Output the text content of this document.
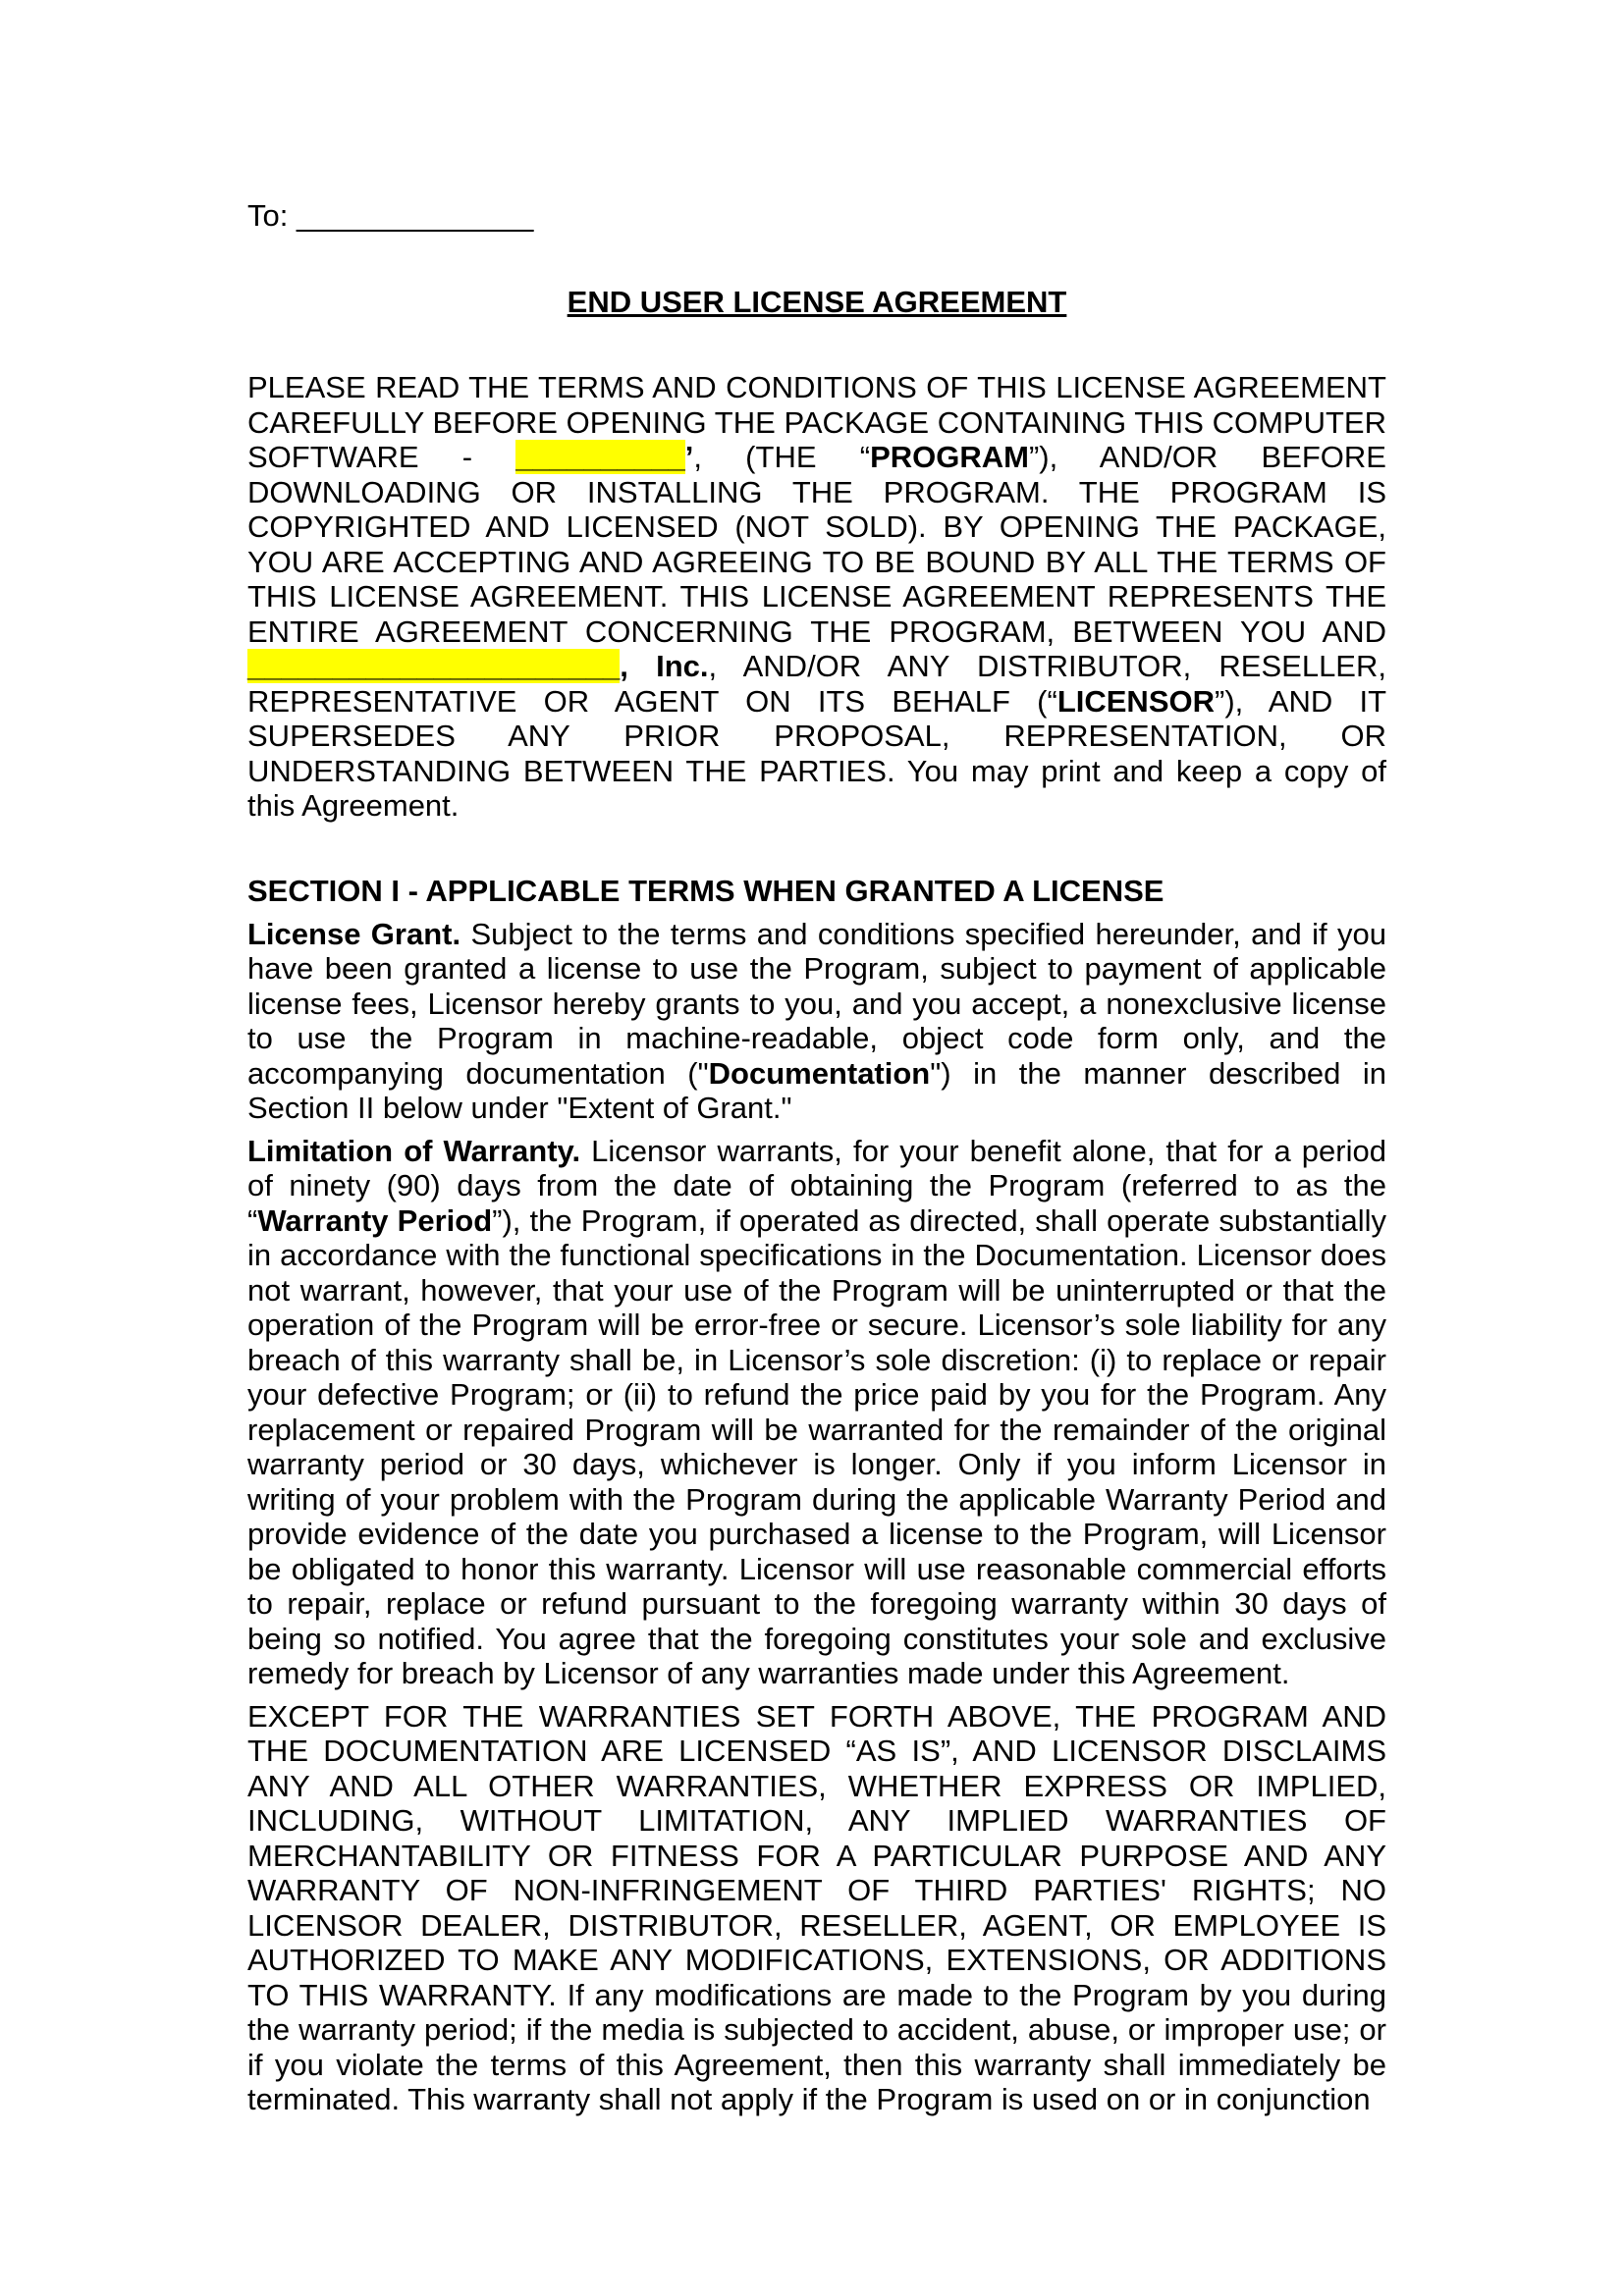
To: ______________
END USER LICENSE AGREEMENT

PLEASE READ THE TERMS AND CONDITIONS OF THIS LICENSE AGREEMENT CAREFULLY BEFORE OPENING THE PACKAGE CONTAINING THIS COMPUTER SOFTWARE - __________’, (THE “PROGRAM”), AND/OR BEFORE DOWNLOADING OR INSTALLING THE PROGRAM. THE PROGRAM IS COPYRIGHTED AND LICENSED (NOT SOLD). BY OPENING THE PACKAGE, YOU ARE ACCEPTING AND AGREEING TO BE BOUND BY ALL THE TERMS OF THIS LICENSE AGREEMENT. THIS LICENSE AGREEMENT REPRESENTS THE ENTIRE AGREEMENT CONCERNING THE PROGRAM, BETWEEN YOU AND ______________________, Inc., AND/OR ANY DISTRIBUTOR, RESELLER, REPRESENTATIVE OR AGENT ON ITS BEHALF (“LICENSOR”), AND IT SUPERSEDES ANY PRIOR PROPOSAL, REPRESENTATION, OR UNDERSTANDING BETWEEN THE PARTIES. You may print and keep a copy of this Agreement.

SECTION I - APPLICABLE TERMS WHEN GRANTED A LICENSE

License Grant. Subject to the terms and conditions specified hereunder, and if you have been granted a license to use the Program, subject to payment of applicable license fees, Licensor hereby grants to you, and you accept, a nonexclusive license to use the Program in machine-readable, object code form only, and the accompanying documentation ("Documentation") in the manner described in Section II below under "Extent of Grant."

Limitation of Warranty. Licensor warrants, for your benefit alone, that for a period of ninety (90) days from the date of obtaining the Program (referred to as the “Warranty Period”), the Program, if operated as directed, shall operate substantially in accordance with the functional specifications in the Documentation. Licensor does not warrant, however, that your use of the Program will be uninterrupted or that the operation of the Program will be error-free or secure. Licensor’s sole liability for any breach of this warranty shall be, in Licensor’s sole discretion: (i) to replace or repair your defective Program; or (ii) to refund the price paid by you for the Program. Any replacement or repaired Program will be warranted for the remainder of the original warranty period or 30 days, whichever is longer. Only if you inform Licensor in writing of your problem with the Program during the applicable Warranty Period and provide evidence of the date you purchased a license to the Program, will Licensor be obligated to honor this warranty. Licensor will use reasonable commercial efforts to repair, replace or refund pursuant to the foregoing warranty within 30 days of being so notified. You agree that the foregoing constitutes your sole and exclusive remedy for breach by Licensor of any warranties made under this Agreement.

EXCEPT FOR THE WARRANTIES SET FORTH ABOVE, THE PROGRAM AND THE DOCUMENTATION ARE LICENSED “AS IS”, AND LICENSOR DISCLAIMS ANY AND ALL OTHER WARRANTIES, WHETHER EXPRESS OR IMPLIED, INCLUDING, WITHOUT LIMITATION, ANY IMPLIED WARRANTIES OF MERCHANTABILITY OR FITNESS FOR A PARTICULAR PURPOSE AND ANY WARRANTY OF NON-INFRINGEMENT OF THIRD PARTIES' RIGHTS; NO LICENSOR DEALER, DISTRIBUTOR, RESELLER, AGENT, OR EMPLOYEE IS AUTHORIZED TO MAKE ANY MODIFICATIONS, EXTENSIONS, OR ADDITIONS TO THIS WARRANTY. If any modifications are made to the Program by you during the warranty period; if the media is subjected to accident, abuse, or improper use; or if you violate the terms of this Agreement, then this warranty shall immediately be terminated. This warranty shall not apply if the Program is used on or in conjunction
